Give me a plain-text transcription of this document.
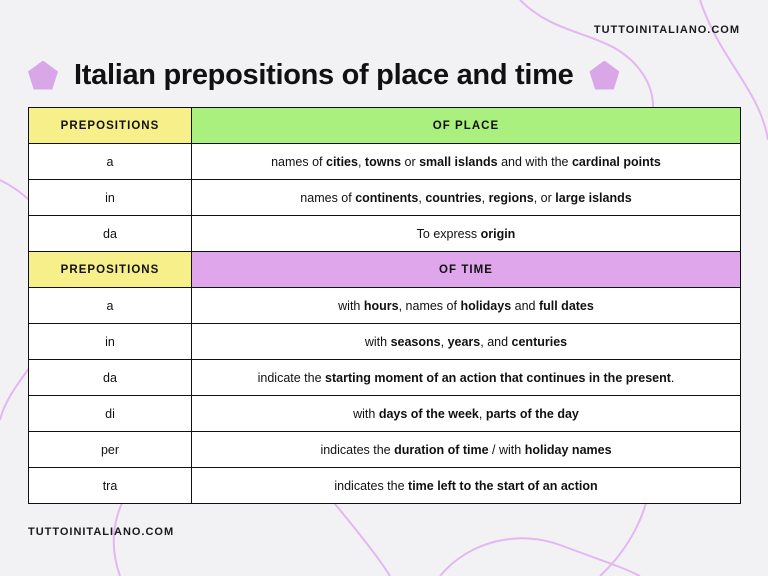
TUTTOINITALIANO.COM
Italian prepositions of place and time
PREPOSITIONS	OF PLACE
a	names of cities, towns or small islands and with the cardinal points
in	names of continents, countries, regions, or large islands
da	To express origin
PREPOSITIONS	OF TIME
a	with hours, names of holidays and full dates
in	with seasons, years, and centuries
da	indicate the starting moment of an action that continues in the present.
di	with days of the week, parts of the day
per	indicates the duration of time / with holiday names
tra	indicates the time left to the start of an action
TUTTOINITALIANO.COM
